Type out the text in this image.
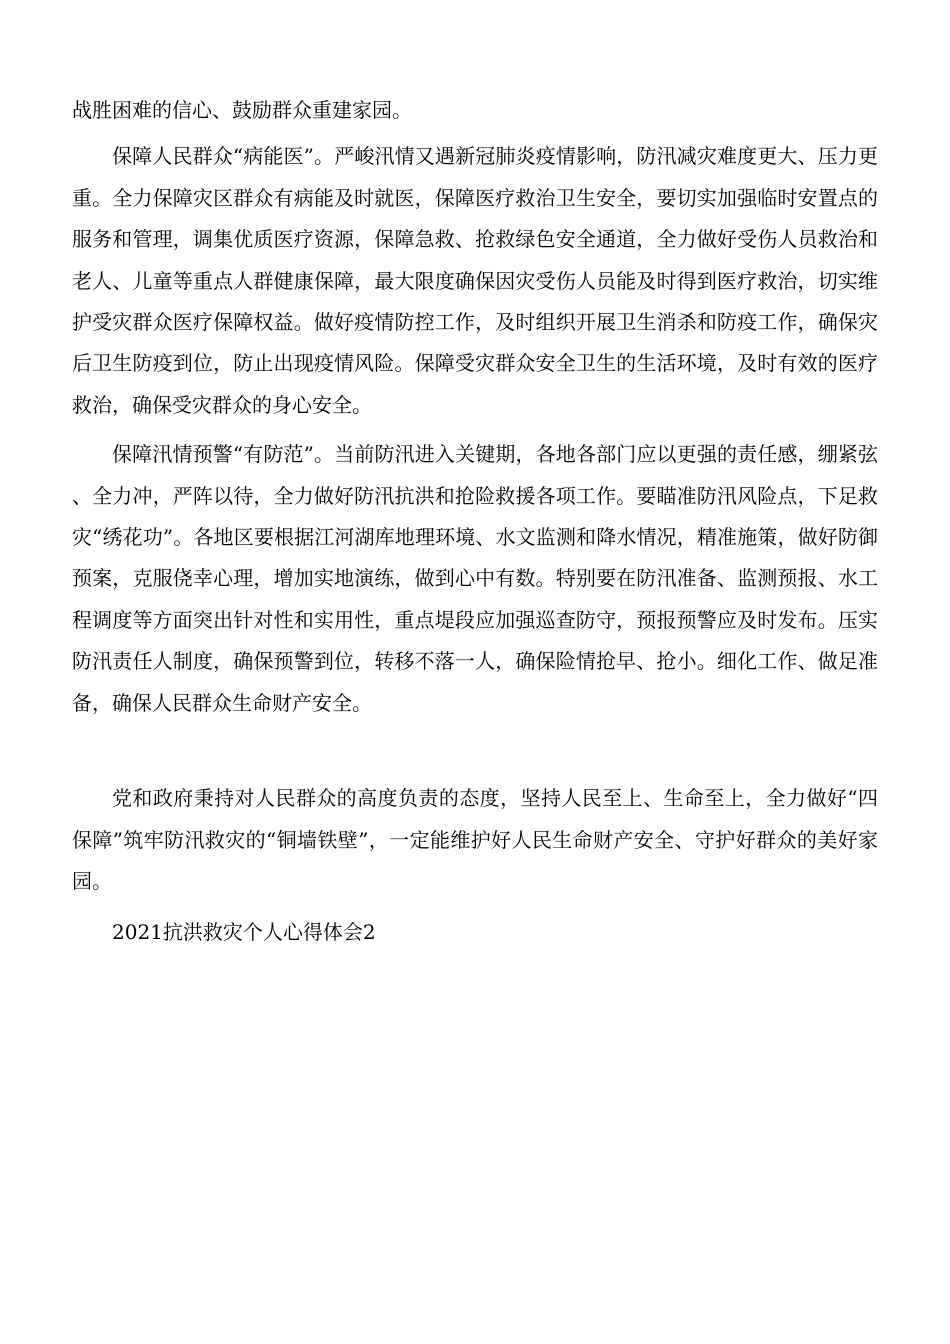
战胜困难的信心、鼓励群众重建家园。

保障人民群众“病能医”。严峻汛情又遇新冠肺炎疫情影响，防汛减灾难度更大、压力更重。全力保障灾区群众有病能及时就医，保障医疗救治卫生安全，要切实加强临时安置点的服务和管理，调集优质医疗资源，保障急救、抢救绿色安全通道，全力做好受伤人员救治和老人、儿童等重点人群健康保障，最大限度确保因灾受伤人员能及时得到医疗救治，切实维护受灾群众医疗保障权益。做好疫情防控工作，及时组织开展卫生消杀和防疫工作，确保灾后卫生防疫到位，防止出现疫情风险。保障受灾群众安全卫生的生活环境，及时有效的医疗救治，确保受灾群众的身心安全。

保障汛情预警“有防范”。当前防汛进入关键期，各地各部门应以更强的责任感，绷紧弦、全力冲，严阵以待，全力做好防汛抗洪和抢险救援各项工作。要瞄准防汛风险点，下足救灾“绣花功”。各地区要根据江河湖库地理环境、水文监测和降水情况，精准施策，做好防御预案，克服侥幸心理，增加实地演练，做到心中有数。特别要在防汛准备、监测预报、水工程调度等方面突出针对性和实用性，重点堤段应加强巡查防守，预报预警应及时发布。压实防汛责任人制度，确保预警到位，转移不落一人，确保险情抢早、抢小。细化工作、做足准备，确保人民群众生命财产安全。

党和政府秉持对人民群众的高度负责的态度，坚持人民至上、生命至上，全力做好“四保障”筑牢防汛救灾的“铜墙铁壁”，一定能维护好人民生命财产安全、守护好群众的美好家园。

2021抗洪救灾个人心得体会2
